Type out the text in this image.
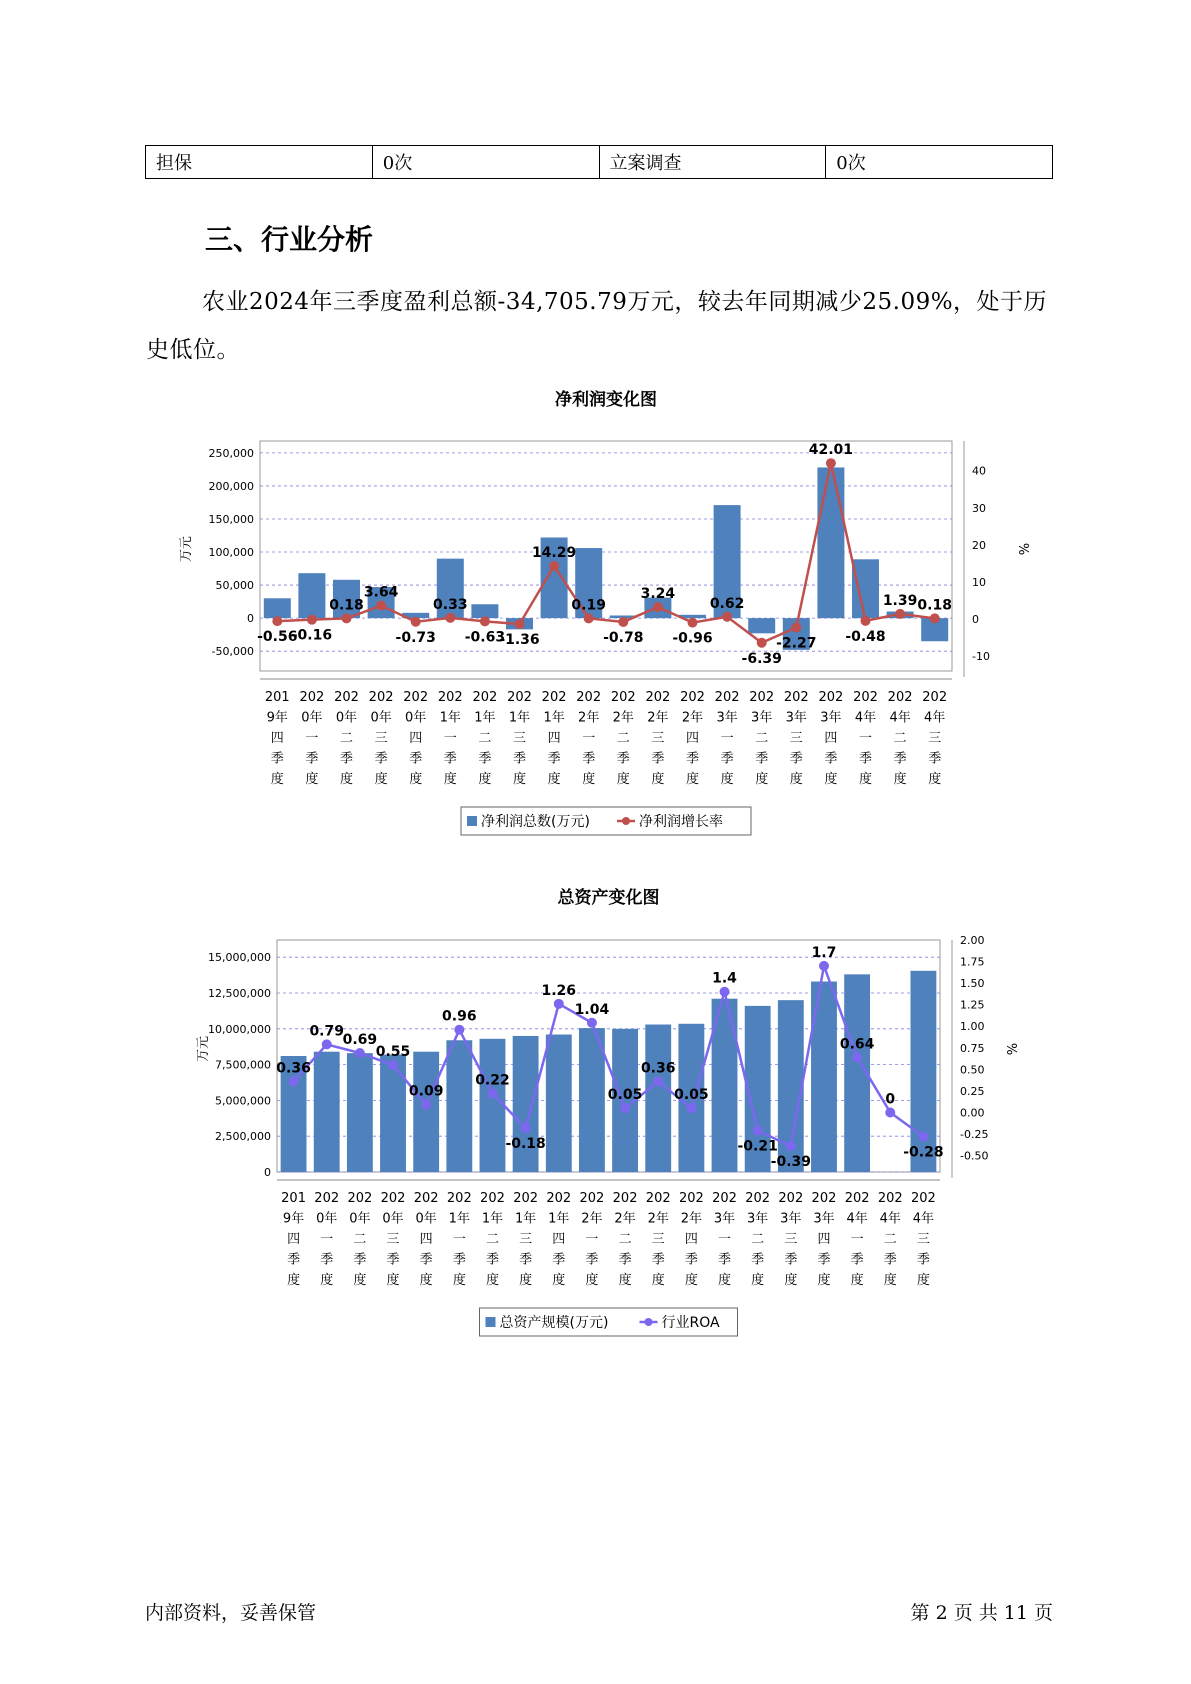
担保	0次	立案调查	0次
三、行业分析
农业2024年三季度盈利总额-34,705.79万元，较去年同期减少25.09%，处于历史低位。
净利润变化图
250,000
200,000
150,000
100,000
50,000
0
-50,000
40
30
20
10
0
-10
万元	%
-0.56
-0.16
0.18
3.64
-0.73
0.33
-0.63
-1.36
14.29
0.19
-0.78
3.24
-0.96
0.62
-6.39
-2.27
42.01
-0.48
1.39 0.18
201
9年
四
季
度
202
0年
一
季
度
202
0年
二
季
度
202
0年
三
季
度
202
0年
四
季
度
202
1年
一
季
度
202
1年
二
季
度
202
1年
三
季
度
202
1年
四
季
度
202
2年
一
季
度
202
2年
二
季
度
202
2年
三
季
度
202
2年
四
季
度
202
3年
一
季
度
202
3年
二
季
度
202
3年
三
季
度
202
3年
四
季
度
202
4年
一
季
度
202
4年
二
季
度
202
4年
三
季
度
净利润总数(万元)	净利润增长率
总资产变化图
15,000,000
12,500,000
10,000,000
7,500,000
5,000,000
2,500,000
0
2.00
1.75
1.50
1.25
1.00
0.75
0.50
0.25
0.00
-0.25
-0.50
万元	%
0.36
0.79
0.69
0.55
0.09
0.96
0.22
-0.18
1.26
1.04
0.05
0.36
0.05
1.4
-0.21
-0.39
1.7
0.64
0
-0.28
201
9年
四
季
度
202
0年
一
季
度
202
0年
二
季
度
202
0年
三
季
度
202
0年
四
季
度
202
1年
一
季
度
202
1年
二
季
度
202
1年
三
季
度
202
1年
四
季
度
202
2年
一
季
度
202
2年
二
季
度
202
2年
三
季
度
202
2年
四
季
度
202
3年
一
季
度
202
3年
二
季
度
202
3年
三
季
度
202
3年
四
季
度
202
4年
一
季
度
202
4年
二
季
度
202
4年
三
季
度
总资产规模(万元)	行业ROA
内部资料，妥善保管	第 2 页 共 11 页
